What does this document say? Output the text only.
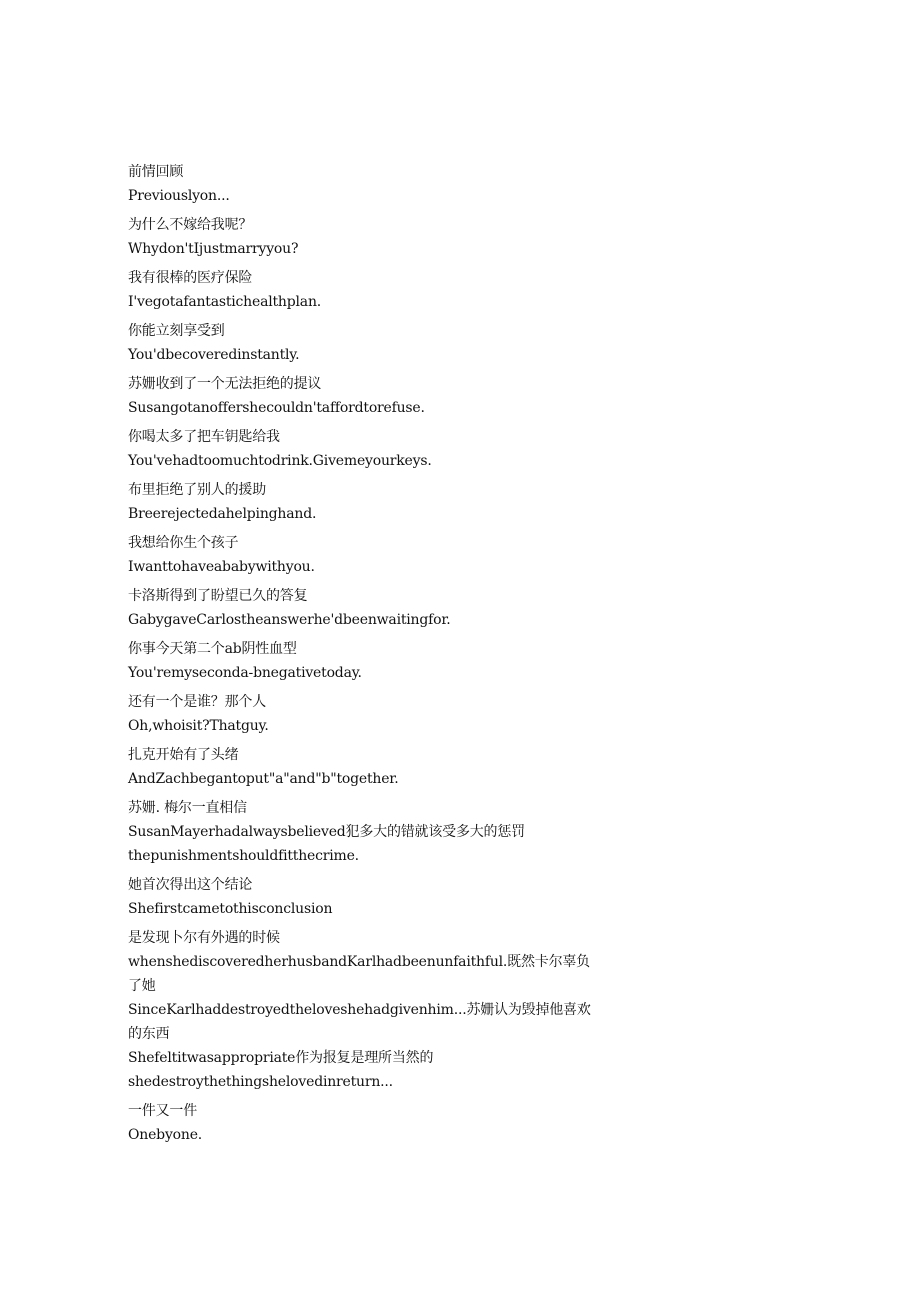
前情回顾
Previouslyon...
为什么不嫁给我呢？
Whydon'tIjustmarryyou?
我有很棒的医疗保险
I'vegotafantastichealthplan.
你能立刻享受到
You'dbecoveredinstantly.
苏姗收到了一个无法拒绝的提议
Susangotanoffershecouldn'taffordtorefuse.
你喝太多了把车钥匙给我
You'vehadtoomuchtodrink.Givemeyourkeys.
布里拒绝了别人的援助
Breerejectedahelpinghand.
我想给你生个孩子
Iwanttohaveababywithyou.
卡洛斯得到了盼望已久的答复
GabygaveCarlostheanswerhe'dbeenwaitingfor.
你事今天第二个ab阴性血型
You'remyseconda-bnegativetoday.
还有一个是谁？那个人
Oh,whoisit?Thatguy.
扎克开始有了头绪
AndZachbegantoput"a"and"b"together.
苏姗. 梅尔一直相信
SusanMayerhadalwaysbelieved犯多大的错就该受多大的惩罚
thepunishmentshouldfitthecrime.
她首次得出这个结论
Shefirstcametothisconclusion
是发现卜尔有外遇的时候
whenshediscoveredherhusbandKarlhadbeenunfaithful.既然卡尔辜负了她
SinceKarlhaddestroyedtheloveshehadgivenhim...苏姗认为毁掉他喜欢的东西
Shefeltitwasappropriate作为报复是理所当然的
shedestroythethingshelovedinreturn...
一件又一件
Onebyone.
